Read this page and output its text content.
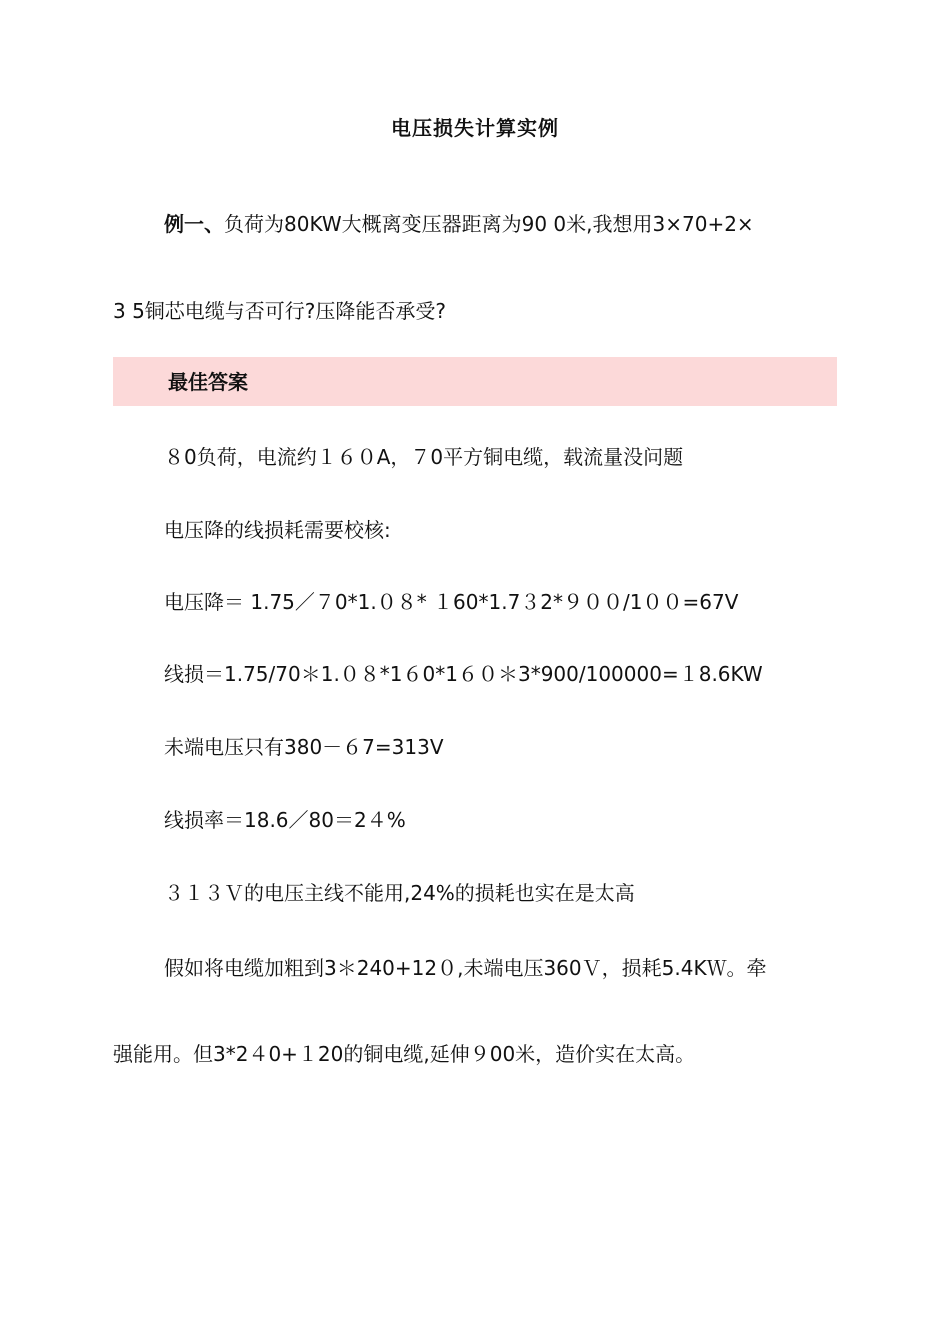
电压损失计算实例
例一、负荷为80KW大概离变压器距离为90 0米,我想用3×70+2×
3 5铜芯电缆与否可行?压降能否承受?
最佳答案
８0负荷，电流约１６０A，７0平方铜电缆，载流量没问题
电压降的线损耗需要校核:
电压降＝ 1.75／７0*1.０８* １60*1.7３2*９００/1００=67V
线损＝1.75/70＊1.０８*1６0*1６０＊3*900/100000=１8.6KW
未端电压只有380－６7=313V
线损率＝18.6／80＝2４%
３１３Ｖ的电压主线不能用,24%的损耗也实在是太高
假如将电缆加粗到3＊240+12０,未端电压360Ｖ，损耗5.4KＷ。牵
强能用。但3*2４0+１20的铜电缆,延伸９00米，造价实在太高。
